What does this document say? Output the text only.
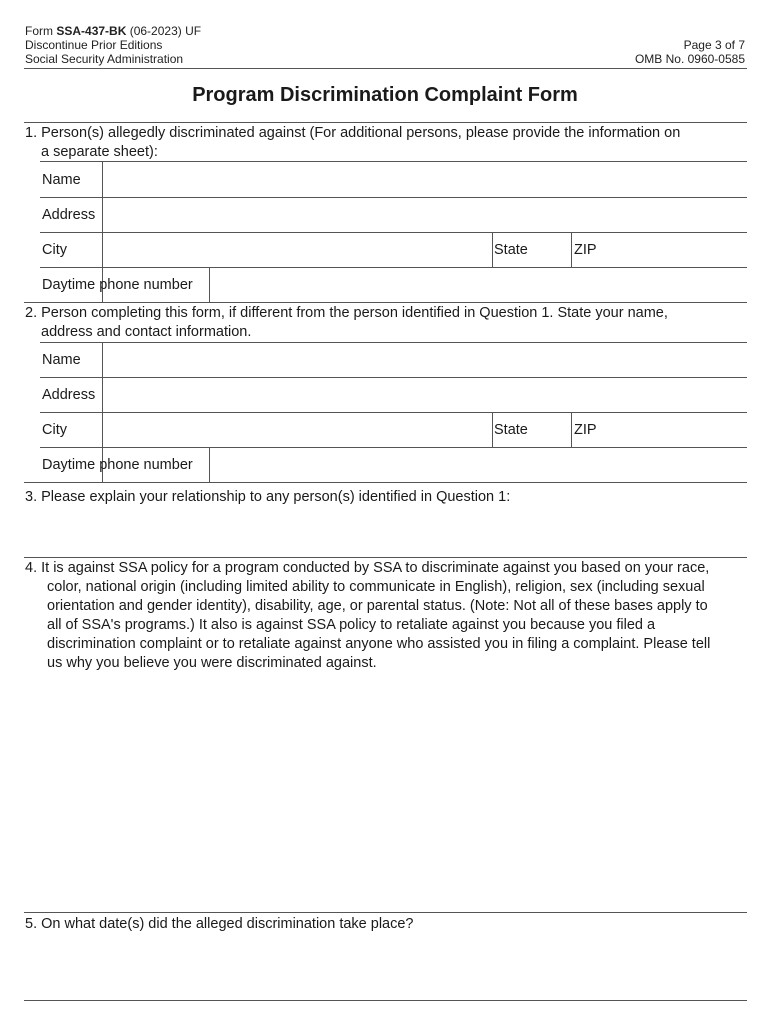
Form SSA-437-BK (06-2023) UF
Discontinue Prior Editions
Social Security Administration
Page 3 of 7
OMB No. 0960-0585
Program Discrimination Complaint Form
1. Person(s) allegedly discriminated against (For additional persons, please provide the information on
a separate sheet):
Name
Address
City	State	ZIP
Daytime phone number
2. Person completing this form, if different from the person identified in Question 1. State your name,
address and contact information.
Name
Address
City	State	ZIP
Daytime phone number
3. Please explain your relationship to any person(s) identified in Question 1:
4. It is against SSA policy for a program conducted by SSA to discriminate against you based on your race,
color, national origin (including limited ability to communicate in English), religion, sex (including sexual
orientation and gender identity), disability, age, or parental status. (Note: Not all of these bases apply to
all of SSA's programs.) It also is against SSA policy to retaliate against you because you filed a
discrimination complaint or to retaliate against anyone who assisted you in filing a complaint. Please tell
us why you believe you were discriminated against.
5. On what date(s) did the alleged discrimination take place?
